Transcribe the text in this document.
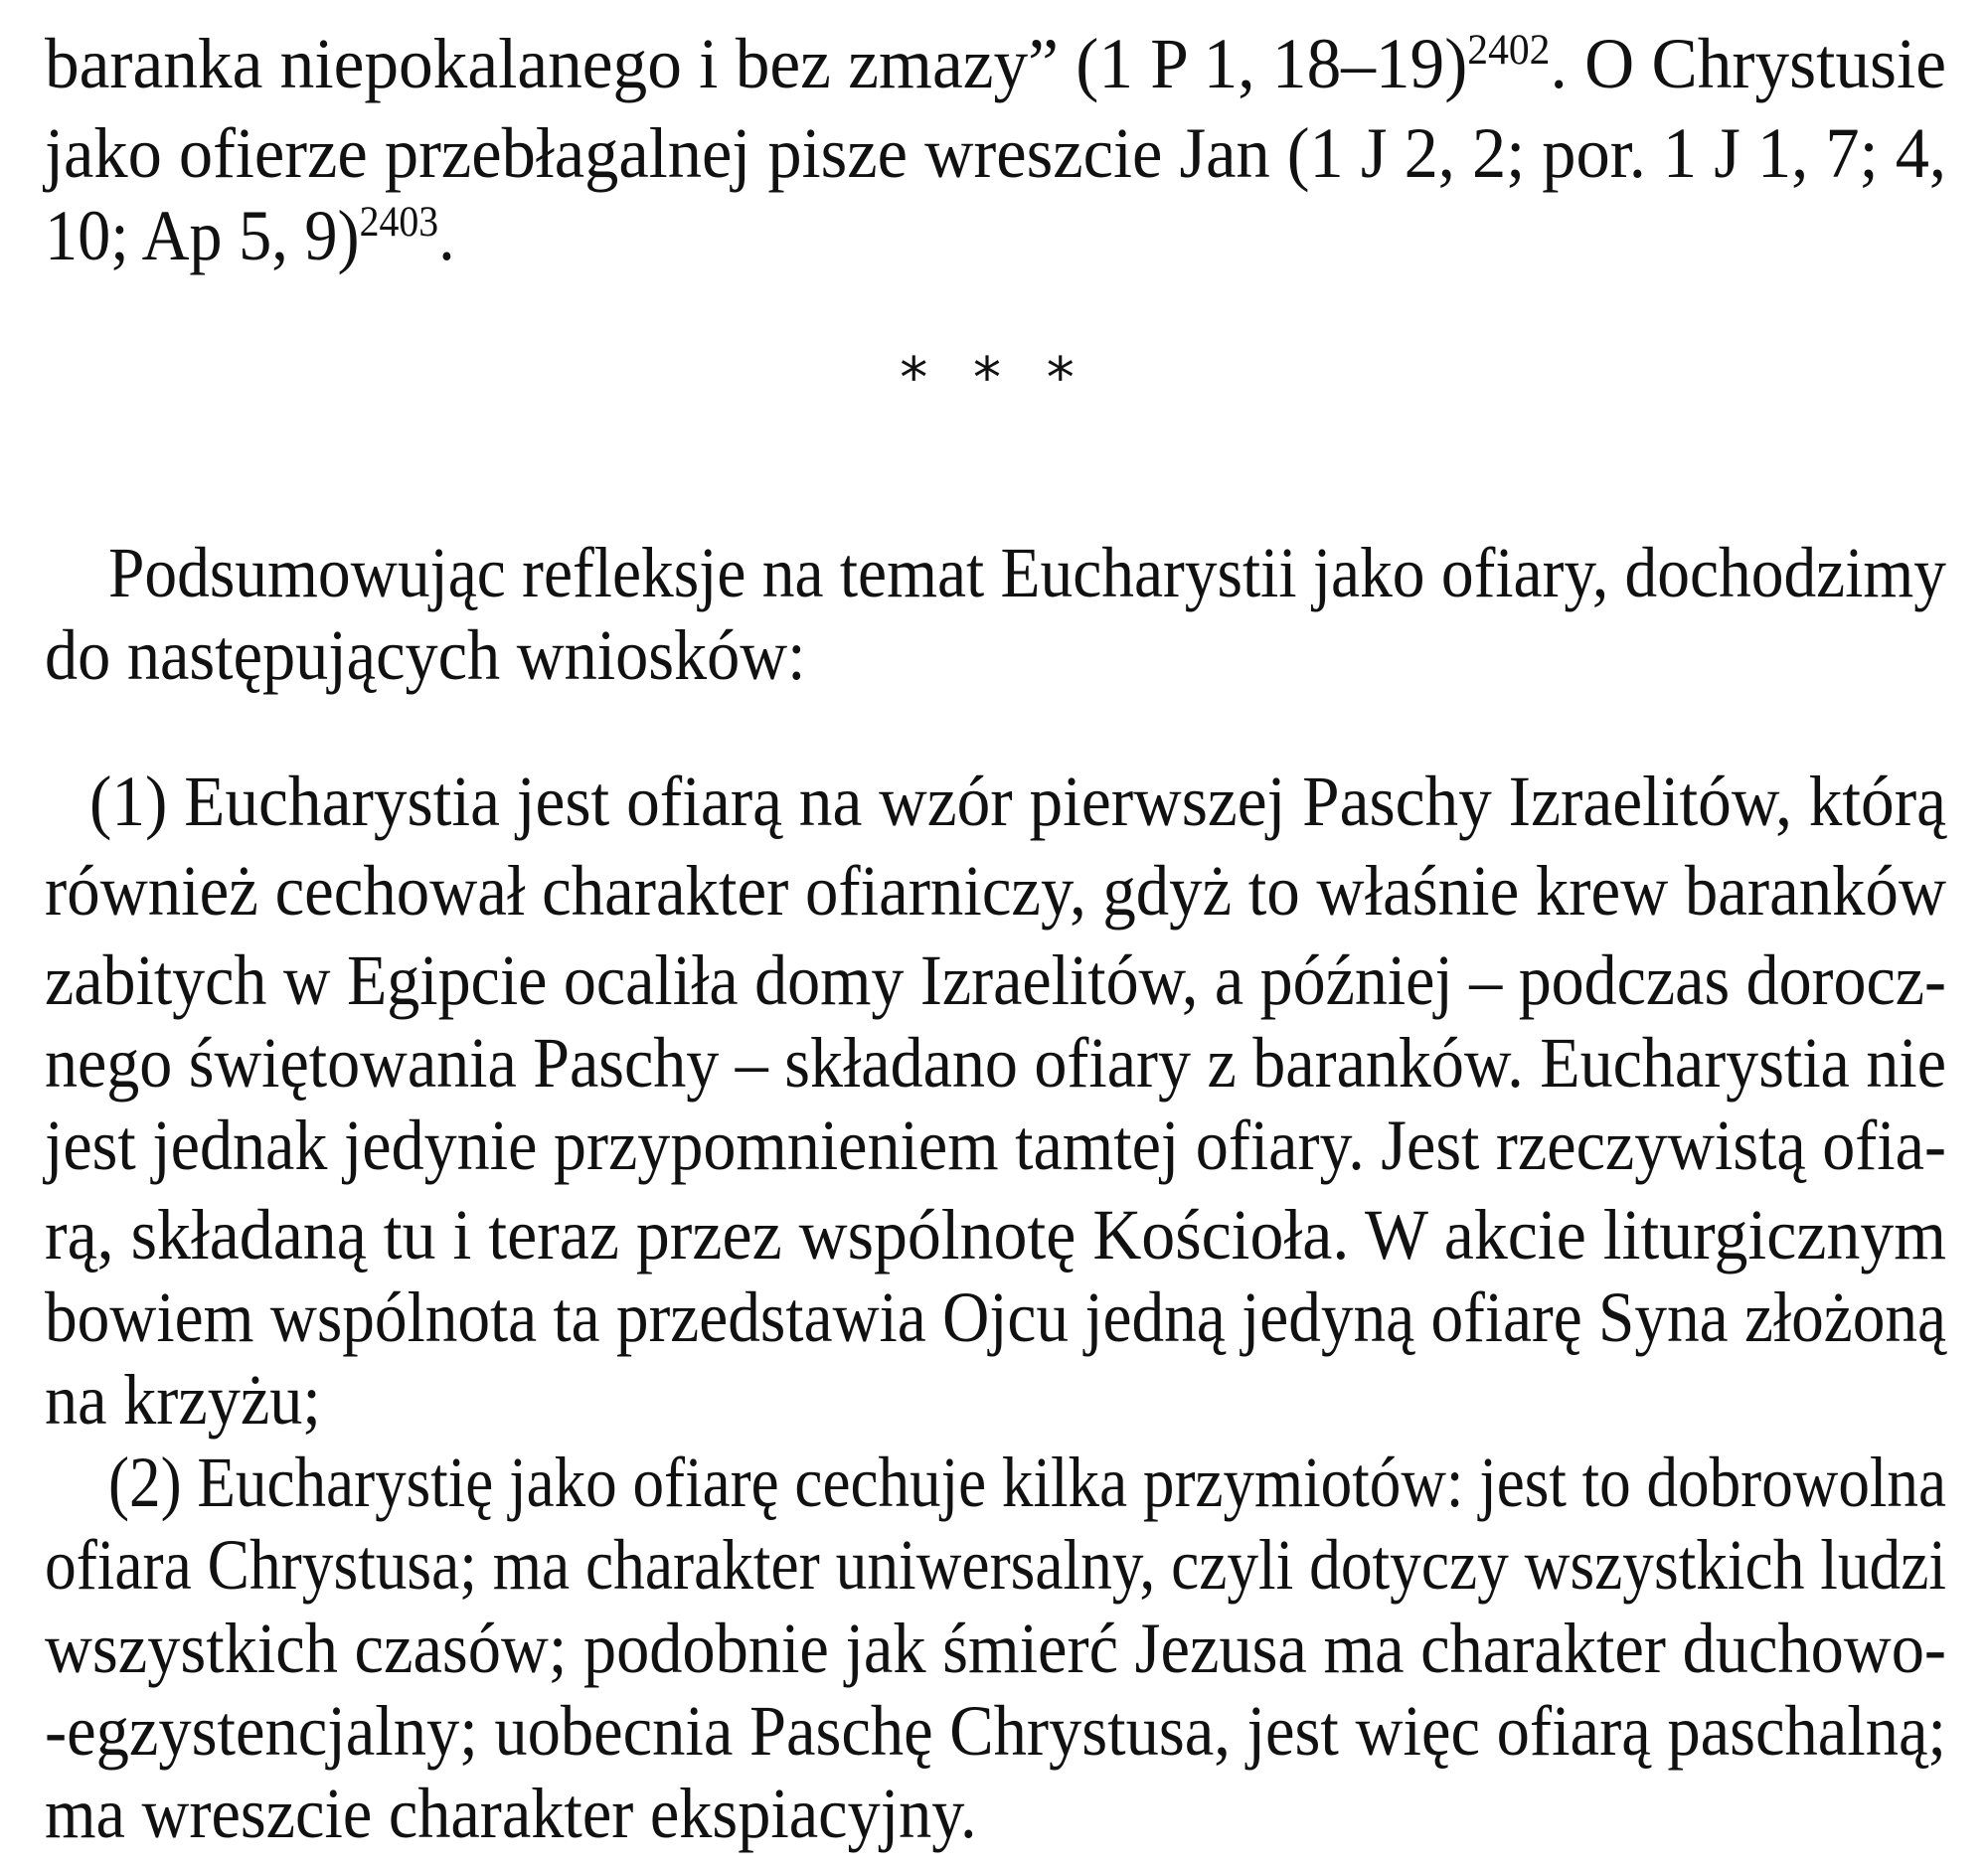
baranka niepokalanego i bez zmazy” (1 P 1, 18–19)$^{2402}$. O Chrystusie
jako ofierze przebłagalnej pisze wreszcie Jan (1 J 2, 2; por. 1 J 1, 7; 4,
10; Ap 5, 9)$^{2403}$.
* * *
Podsumowując refleksje na temat Eucharystii jako ofiary, dochodzimy
do następujących wniosków:
(1) Eucharystia jest ofiarą na wzór pierwszej Paschy Izraelitów, którą
również cechował charakter ofiarniczy, gdyż to właśnie krew baranków
zabitych w Egipcie ocaliła domy Izraelitów, a później – podczas dorocz-
nego świętowania Paschy – składano ofiary z baranków. Eucharystia nie
jest jednak jedynie przypomnieniem tamtej ofiary. Jest rzeczywistą ofia-
rą, składaną tu i teraz przez wspólnotę Kościoła. W akcie liturgicznym
bowiem wspólnota ta przedstawia Ojcu jedną jedyną ofiarę Syna złożoną
na krzyżu;
(2) Eucharystię jako ofiarę cechuje kilka przymiotów: jest to dobrowolna
ofiara Chrystusa; ma charakter uniwersalny, czyli dotyczy wszystkich ludzi
wszystkich czasów; podobnie jak śmierć Jezusa ma charakter duchowo-
-egzystencjalny; uobecnia Paschę Chrystusa, jest więc ofiarą paschalną;
ma wreszcie charakter ekspiacyjny.
